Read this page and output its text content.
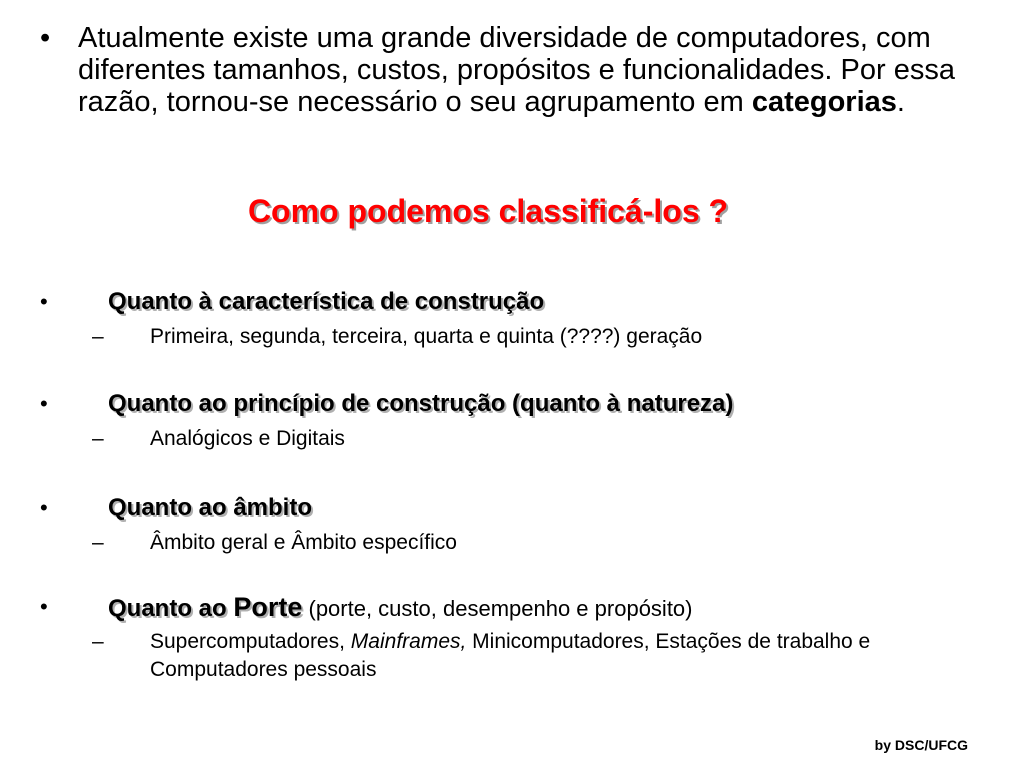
• Atualmente existe uma grande diversidade de computadores, com diferentes tamanhos, custos, propósitos e funcionalidades. Por essa razão, tornou-se necessário o seu agrupamento em categorias.
Como podemos classificá-los ?
•	Quanto à característica de construção
– Primeira, segunda, terceira, quarta e quinta (????) geração
•	Quanto ao princípio de construção (quanto à natureza)
– Analógicos e Digitais
•	Quanto ao âmbito
– Âmbito geral e Âmbito específico
•	Quanto ao Porte (porte, custo, desempenho e propósito)
– Supercomputadores, Mainframes, Minicomputadores, Estações de trabalho e Computadores pessoais
by DSC/UFCG
